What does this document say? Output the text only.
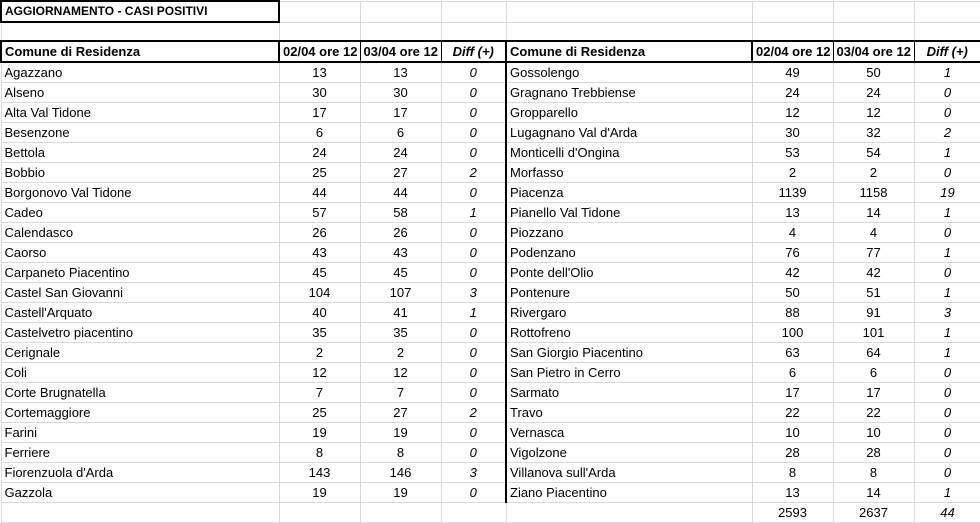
AGGIORNAMENTO - CASI POSITIVI							

Comune di Residenza	02/04 ore 12	03/04 ore 12	Diff (+)	Comune di Residenza	02/04 ore 12	03/04 ore 12	Diff (+)
Agazzano	13	13	0	Gossolengo	49	50	1
Alseno	30	30	0	Gragnano Trebbiense	24	24	0
Alta Val Tidone	17	17	0	Gropparello	12	12	0
Besenzone	6	6	0	Lugagnano Val d'Arda	30	32	2
Bettola	24	24	0	Monticelli d'Ongina	53	54	1
Bobbio	25	27	2	Morfasso	2	2	0
Borgonovo Val Tidone	44	44	0	Piacenza	1139	1158	19
Cadeo	57	58	1	Pianello Val Tidone	13	14	1
Calendasco	26	26	0	Piozzano	4	4	0
Caorso	43	43	0	Podenzano	76	77	1
Carpaneto Piacentino	45	45	0	Ponte dell'Olio	42	42	0
Castel San Giovanni	104	107	3	Pontenure	50	51	1
Castell'Arquato	40	41	1	Rivergaro	88	91	3
Castelvetro piacentino	35	35	0	Rottofreno	100	101	1
Cerignale	2	2	0	San Giorgio Piacentino	63	64	1
Coli	12	12	0	San Pietro in Cerro	6	6	0
Corte Brugnatella	7	7	0	Sarmato	17	17	0
Cortemaggiore	25	27	2	Travo	22	22	0
Farini	19	19	0	Vernasca	10	10	0
Ferriere	8	8	0	Vigolzone	28	28	0
Fiorenzuola d'Arda	143	146	3	Villanova sull'Arda	8	8	0
Gazzola	19	19	0	Ziano Piacentino	13	14	1
					2593	2637	44
